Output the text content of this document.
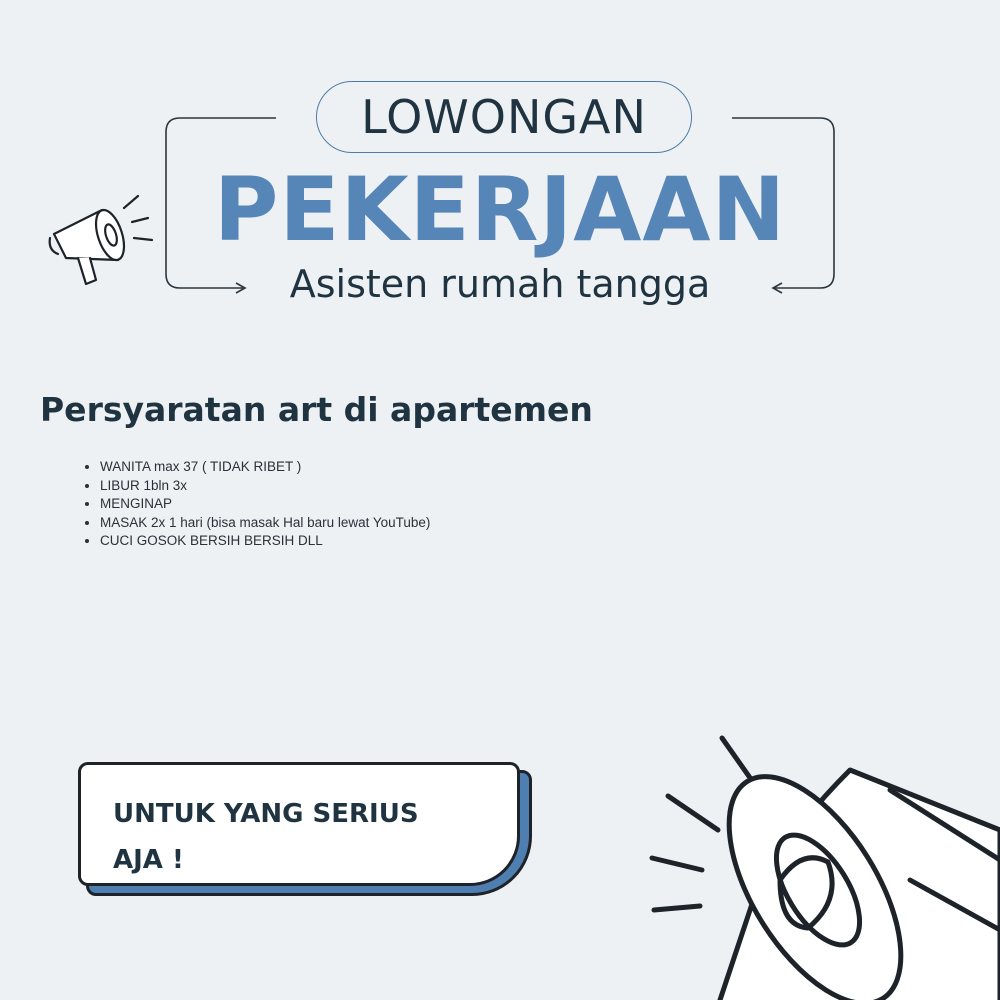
LOWONGAN
PEKERJAAN
Asisten rumah tangga
Persyaratan art di apartemen
• WANITA max 37 ( TIDAK RIBET )
• LIBUR 1bln 3x
• MENGINAP
• MASAK 2x 1 hari (bisa masak Hal baru lewat YouTube)
• CUCI GOSOK BERSIH BERSIH DLL
UNTUK YANG SERIUS AJA !
